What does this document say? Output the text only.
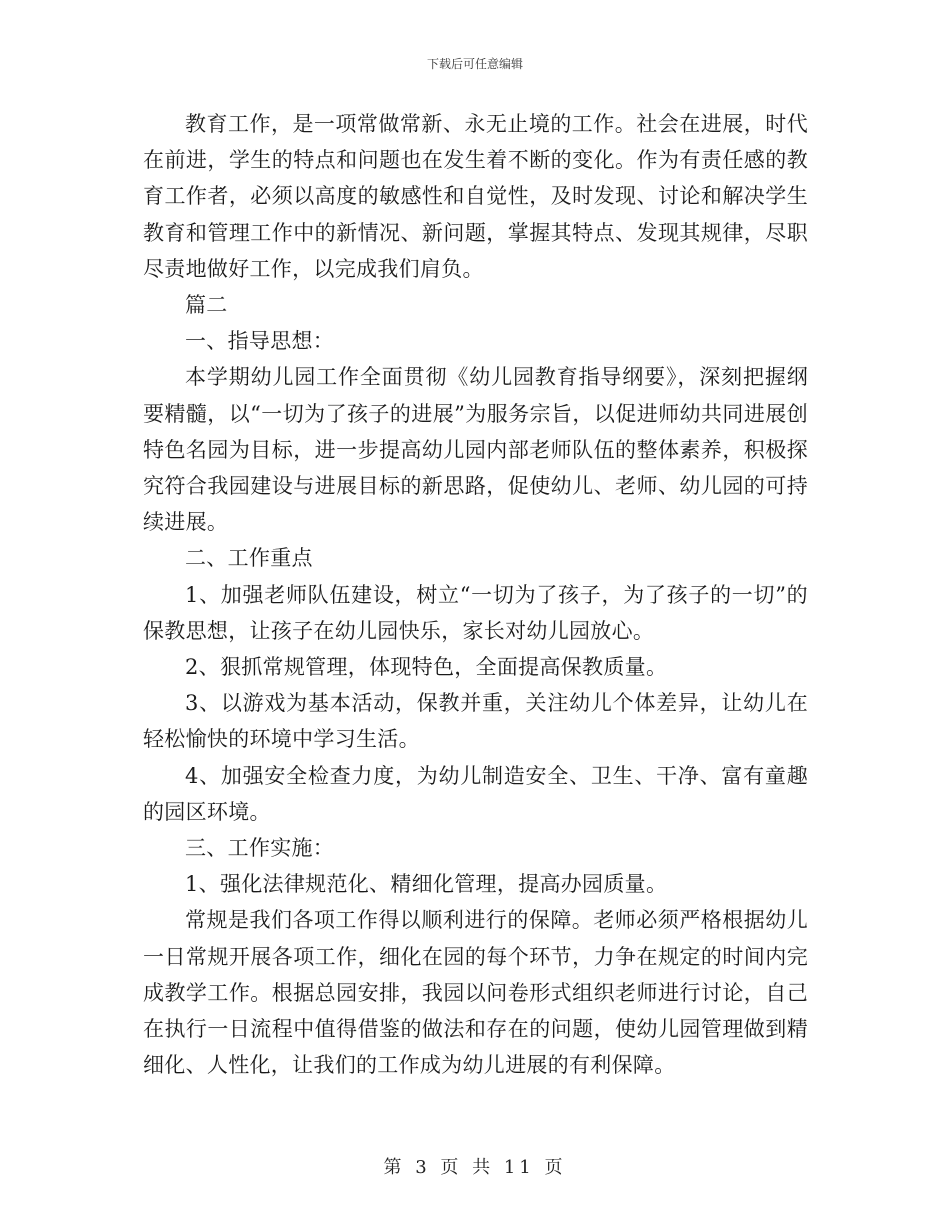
下载后可任意编辑

教育工作，是一项常做常新、永无止境的工作。社会在进展，时代在前进，学生的特点和问题也在发生着不断的变化。作为有责任感的教育工作者，必须以高度的敏感性和自觉性，及时发现、讨论和解决学生教育和管理工作中的新情况、新问题，掌握其特点、发现其规律，尽职尽责地做好工作，以完成我们肩负。

篇二

一、指导思想：

本学期幼儿园工作全面贯彻《幼儿园教育指导纲要》，深刻把握纲要精髓，以“一切为了孩子的进展”为服务宗旨，以促进师幼共同进展创特色名园为目标，进一步提高幼儿园内部老师队伍的整体素养，积极探究符合我园建设与进展目标的新思路，促使幼儿、老师、幼儿园的可持续进展。

二、工作重点

1、加强老师队伍建设，树立“一切为了孩子，为了孩子的一切”的保教思想，让孩子在幼儿园快乐，家长对幼儿园放心。

2、狠抓常规管理，体现特色，全面提高保教质量。

3、以游戏为基本活动，保教并重，关注幼儿个体差异，让幼儿在轻松愉快的环境中学习生活。

4、加强安全检查力度，为幼儿制造安全、卫生、干净、富有童趣的园区环境。

三、工作实施：

1、强化法律规范化、精细化管理，提高办园质量。

常规是我们各项工作得以顺利进行的保障。老师必须严格根据幼儿一日常规开展各项工作，细化在园的每个环节，力争在规定的时间内完成教学工作。根据总园安排，我园以问卷形式组织老师进行讨论，自己在执行一日流程中值得借鉴的做法和存在的问题，使幼儿园管理做到精细化、人性化，让我们的工作成为幼儿进展的有利保障。

第 3 页 共 11 页
